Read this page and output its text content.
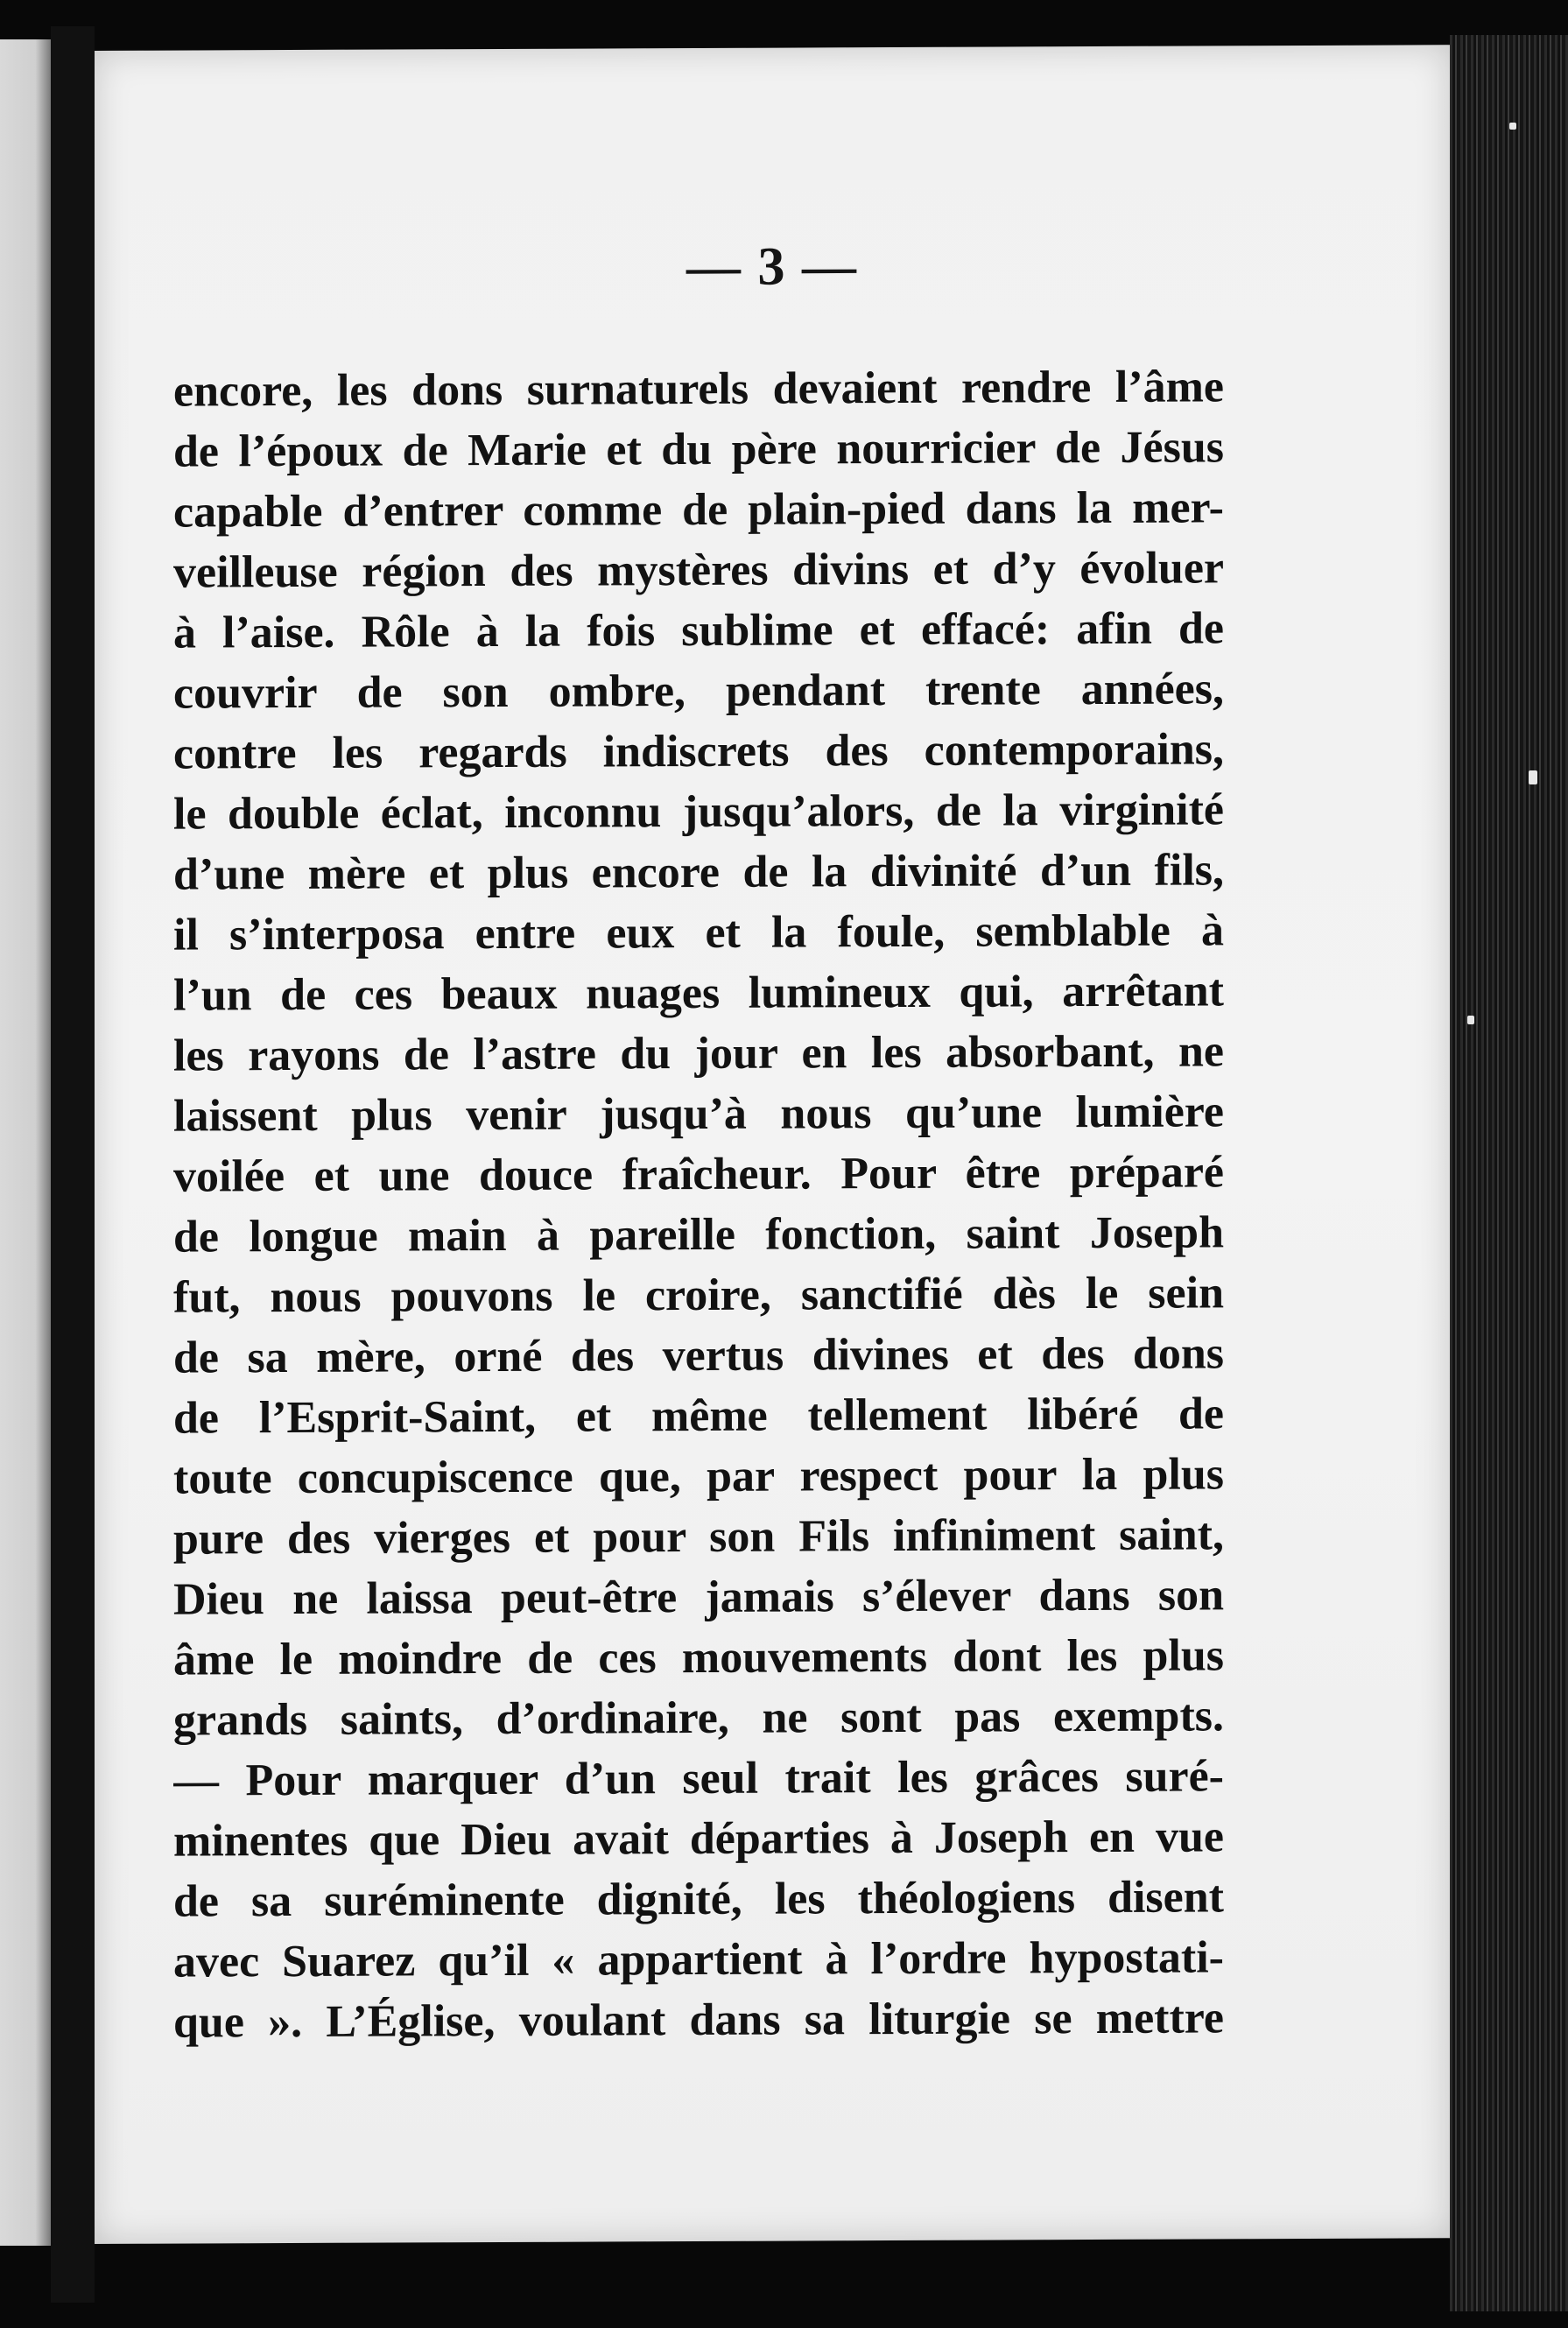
— 3 —
encore, les dons surnaturels devaient rendre l’âme
de l’époux de Marie et du père nourricier de Jésus
capable d’entrer comme de plain-pied dans la mer-
veilleuse région des mystères divins et d’y évoluer
à l’aise. Rôle à la fois sublime et effacé: afin de
couvrir de son ombre, pendant trente années,
contre les regards indiscrets des contemporains,
le double éclat, inconnu jusqu’alors, de la virginité
d’une mère et plus encore de la divinité d’un fils,
il s’interposa entre eux et la foule, semblable à
l’un de ces beaux nuages lumineux qui, arrêtant
les rayons de l’astre du jour en les absorbant, ne
laissent plus venir jusqu’à nous qu’une lumière
voilée et une douce fraîcheur. Pour être préparé
de longue main à pareille fonction, saint Joseph
fut, nous pouvons le croire, sanctifié dès le sein
de sa mère, orné des vertus divines et des dons
de l’Esprit-Saint, et même tellement libéré de
toute concupiscence que, par respect pour la plus
pure des vierges et pour son Fils infiniment saint,
Dieu ne laissa peut-être jamais s’élever dans son
âme le moindre de ces mouvements dont les plus
grands saints, d’ordinaire, ne sont pas exempts.
— Pour marquer d’un seul trait les grâces suré-
minentes que Dieu avait départies à Joseph en vue
de sa suréminente dignité, les théologiens disent
avec Suarez qu’il « appartient à l’ordre hypostati-
que ». L’Église, voulant dans sa liturgie se mettre
